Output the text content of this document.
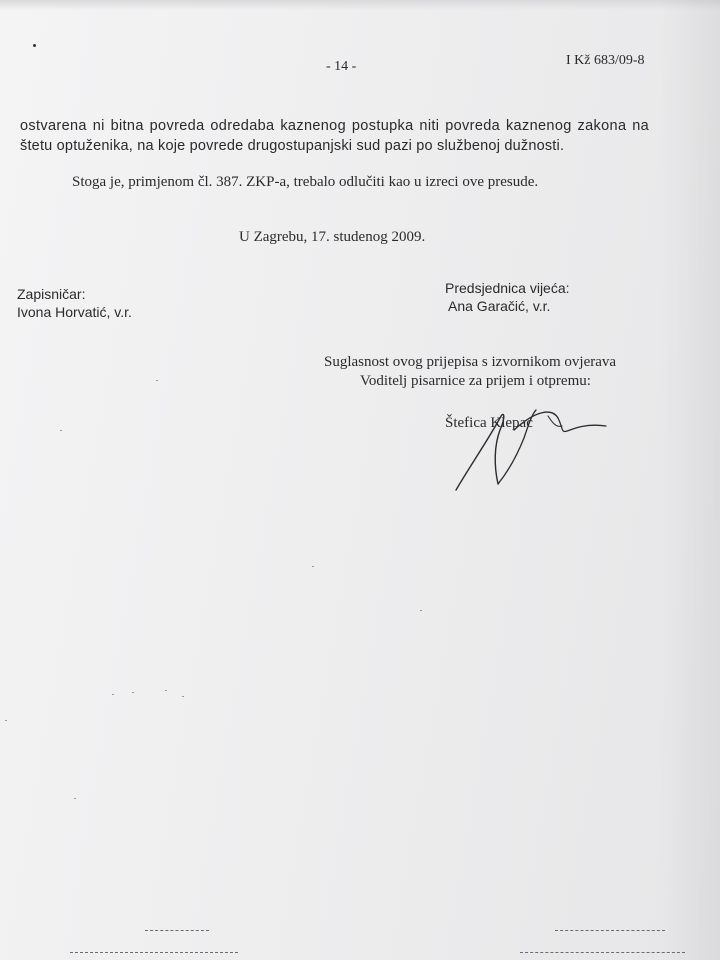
- 14 -	I Kž 683/09-8
ostvarena ni bitna povreda odredaba kaznenog postupka niti povreda kaznenog zakona na
štetu optuženika, na koje povrede drugostupanjski sud pazi po službenoj dužnosti.
Stoga je, primjenom čl. 387. ZKP-a, trebalo odlučiti kao u izreci ove presude.
U Zagrebu, 17. studenog 2009.
Zapisničar:
Ivona Horvatić, v.r.
Predsjednica vijeća:
Ana Garačić, v.r.
Suglasnost ovog prijepisa s izvornikom ovjerava
Voditelj pisarnice za prijem i otpremu:
Štefica Klepac
